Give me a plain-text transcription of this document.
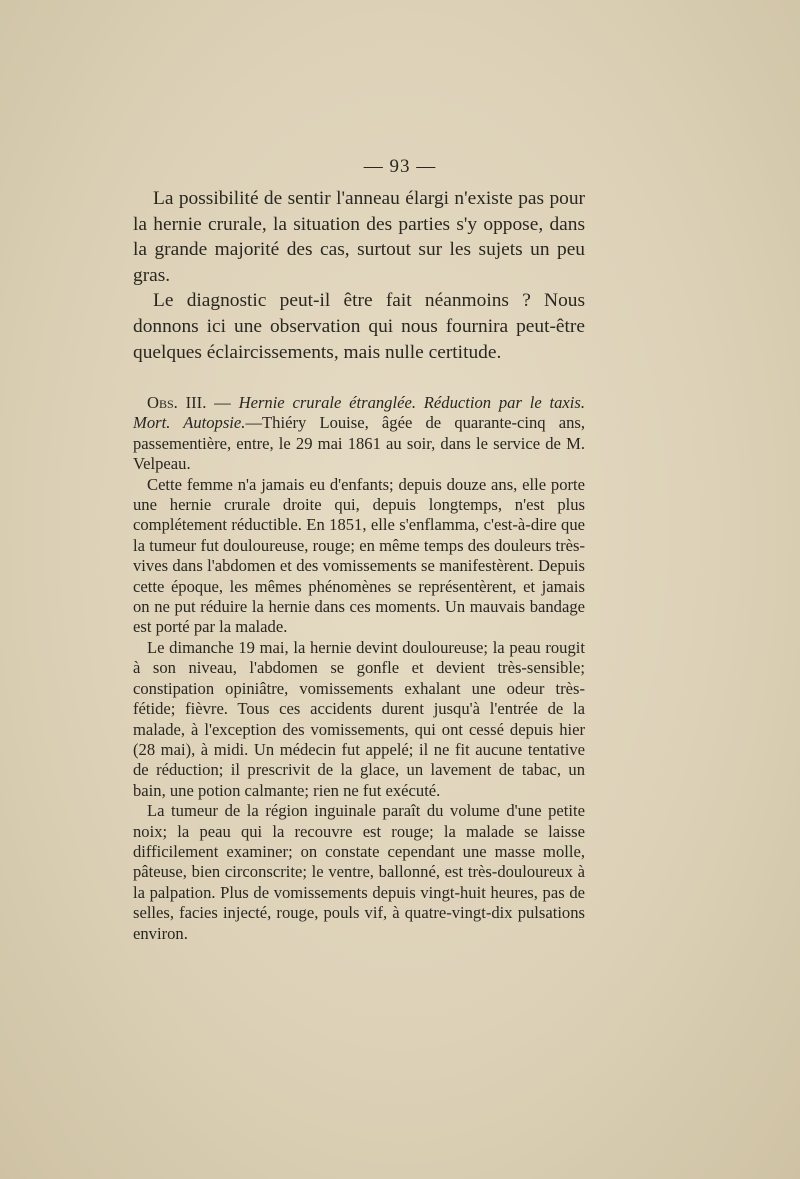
— 93 —

La possibilité de sentir l'anneau élargi n'existe pas pour la hernie crurale, la situation des parties s'y oppose, dans la grande majorité des cas, surtout sur les sujets un peu gras.

Le diagnostic peut-il être fait néanmoins ? Nous donnons ici une observation qui nous fournira peut-être quelques éclaircissements, mais nulle certitude.

Obs. III. — Hernie crurale étranglée. Réduction par le taxis. Mort. Autopsie.—Thiéry Louise, âgée de quarante-cinq ans, passementière, entre, le 29 mai 1861 au soir, dans le service de M. Velpeau.

Cette femme n'a jamais eu d'enfants; depuis douze ans, elle porte une hernie crurale droite qui, depuis longtemps, n'est plus complétement réductible. En 1851, elle s'enflamma, c'est-à-dire que la tumeur fut douloureuse, rouge; en même temps des douleurs très-vives dans l'abdomen et des vomissements se manifestèrent. Depuis cette époque, les mêmes phénomènes se représentèrent, et jamais on ne put réduire la hernie dans ces moments. Un mauvais bandage est porté par la malade.

Le dimanche 19 mai, la hernie devint douloureuse; la peau rougit à son niveau, l'abdomen se gonfle et devient très-sensible; constipation opiniâtre, vomissements exhalant une odeur très-fétide; fièvre. Tous ces accidents durent jusqu'à l'entrée de la malade, à l'exception des vomissements, qui ont cessé depuis hier (28 mai), à midi. Un médecin fut appelé; il ne fit aucune tentative de réduction; il prescrivit de la glace, un lavement de tabac, un bain, une potion calmante; rien ne fut exécuté.

La tumeur de la région inguinale paraît du volume d'une petite noix; la peau qui la recouvre est rouge; la malade se laisse difficilement examiner; on constate cependant une masse molle, pâteuse, bien circonscrite; le ventre, ballonné, est très-douloureux à la palpation. Plus de vomissements depuis vingt-huit heures, pas de selles, facies injecté, rouge, pouls vif, à quatre-vingt-dix pulsations environ.
